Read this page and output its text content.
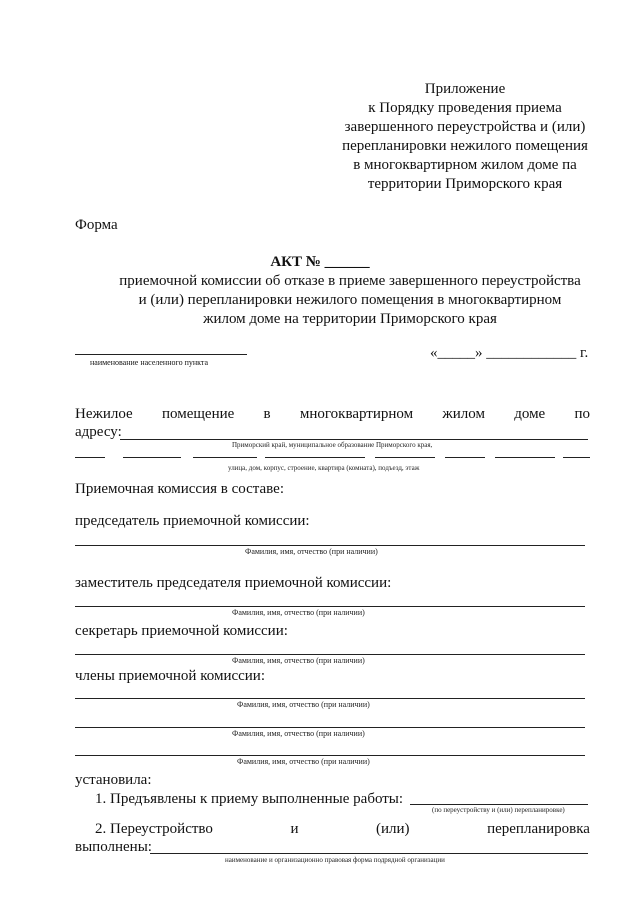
Приложение
к Порядку проведения приема
завершенного переустройства и (или)
перепланировки нежилого помещения
в многоквартирном жилом доме па
территории Приморского края
Форма
АКТ № ______
приемочной комиссии об отказе в приеме завершенного переустройства
и (или) перепланировки нежилого помещения в многоквартирном
жилом доме на территории Приморского края
наименование населенного пункта
«_____» ____________ г.
Нежилое помещение в многоквартирном жилом доме по
адресу:
Приморский край, муниципальное образование Приморского края,
улица, дом, корпус, строение, квартира (комната), подъезд, этаж
Приемочная комиссия в составе:
председатель приемочной комиссии:
Фамилия, имя, отчество (при наличии)
заместитель председателя приемочной комиссии:
Фамилия, имя, отчество (при наличии)
секретарь приемочной комиссии:
Фамилия, имя, отчество (при наличии)
члены приемочной комиссии:
Фамилия, имя, отчество (при наличии)
Фамилия, имя, отчество (при наличии)
Фамилия, имя, отчество (при наличии)
установила:
1. Предъявлены к приему выполненные работы:
(по переустройству и (или) перепланировке)
2. Переустройство	и	(или)	перепланировка
выполнены:
наименование и организационно правовая форма подрядной организации
